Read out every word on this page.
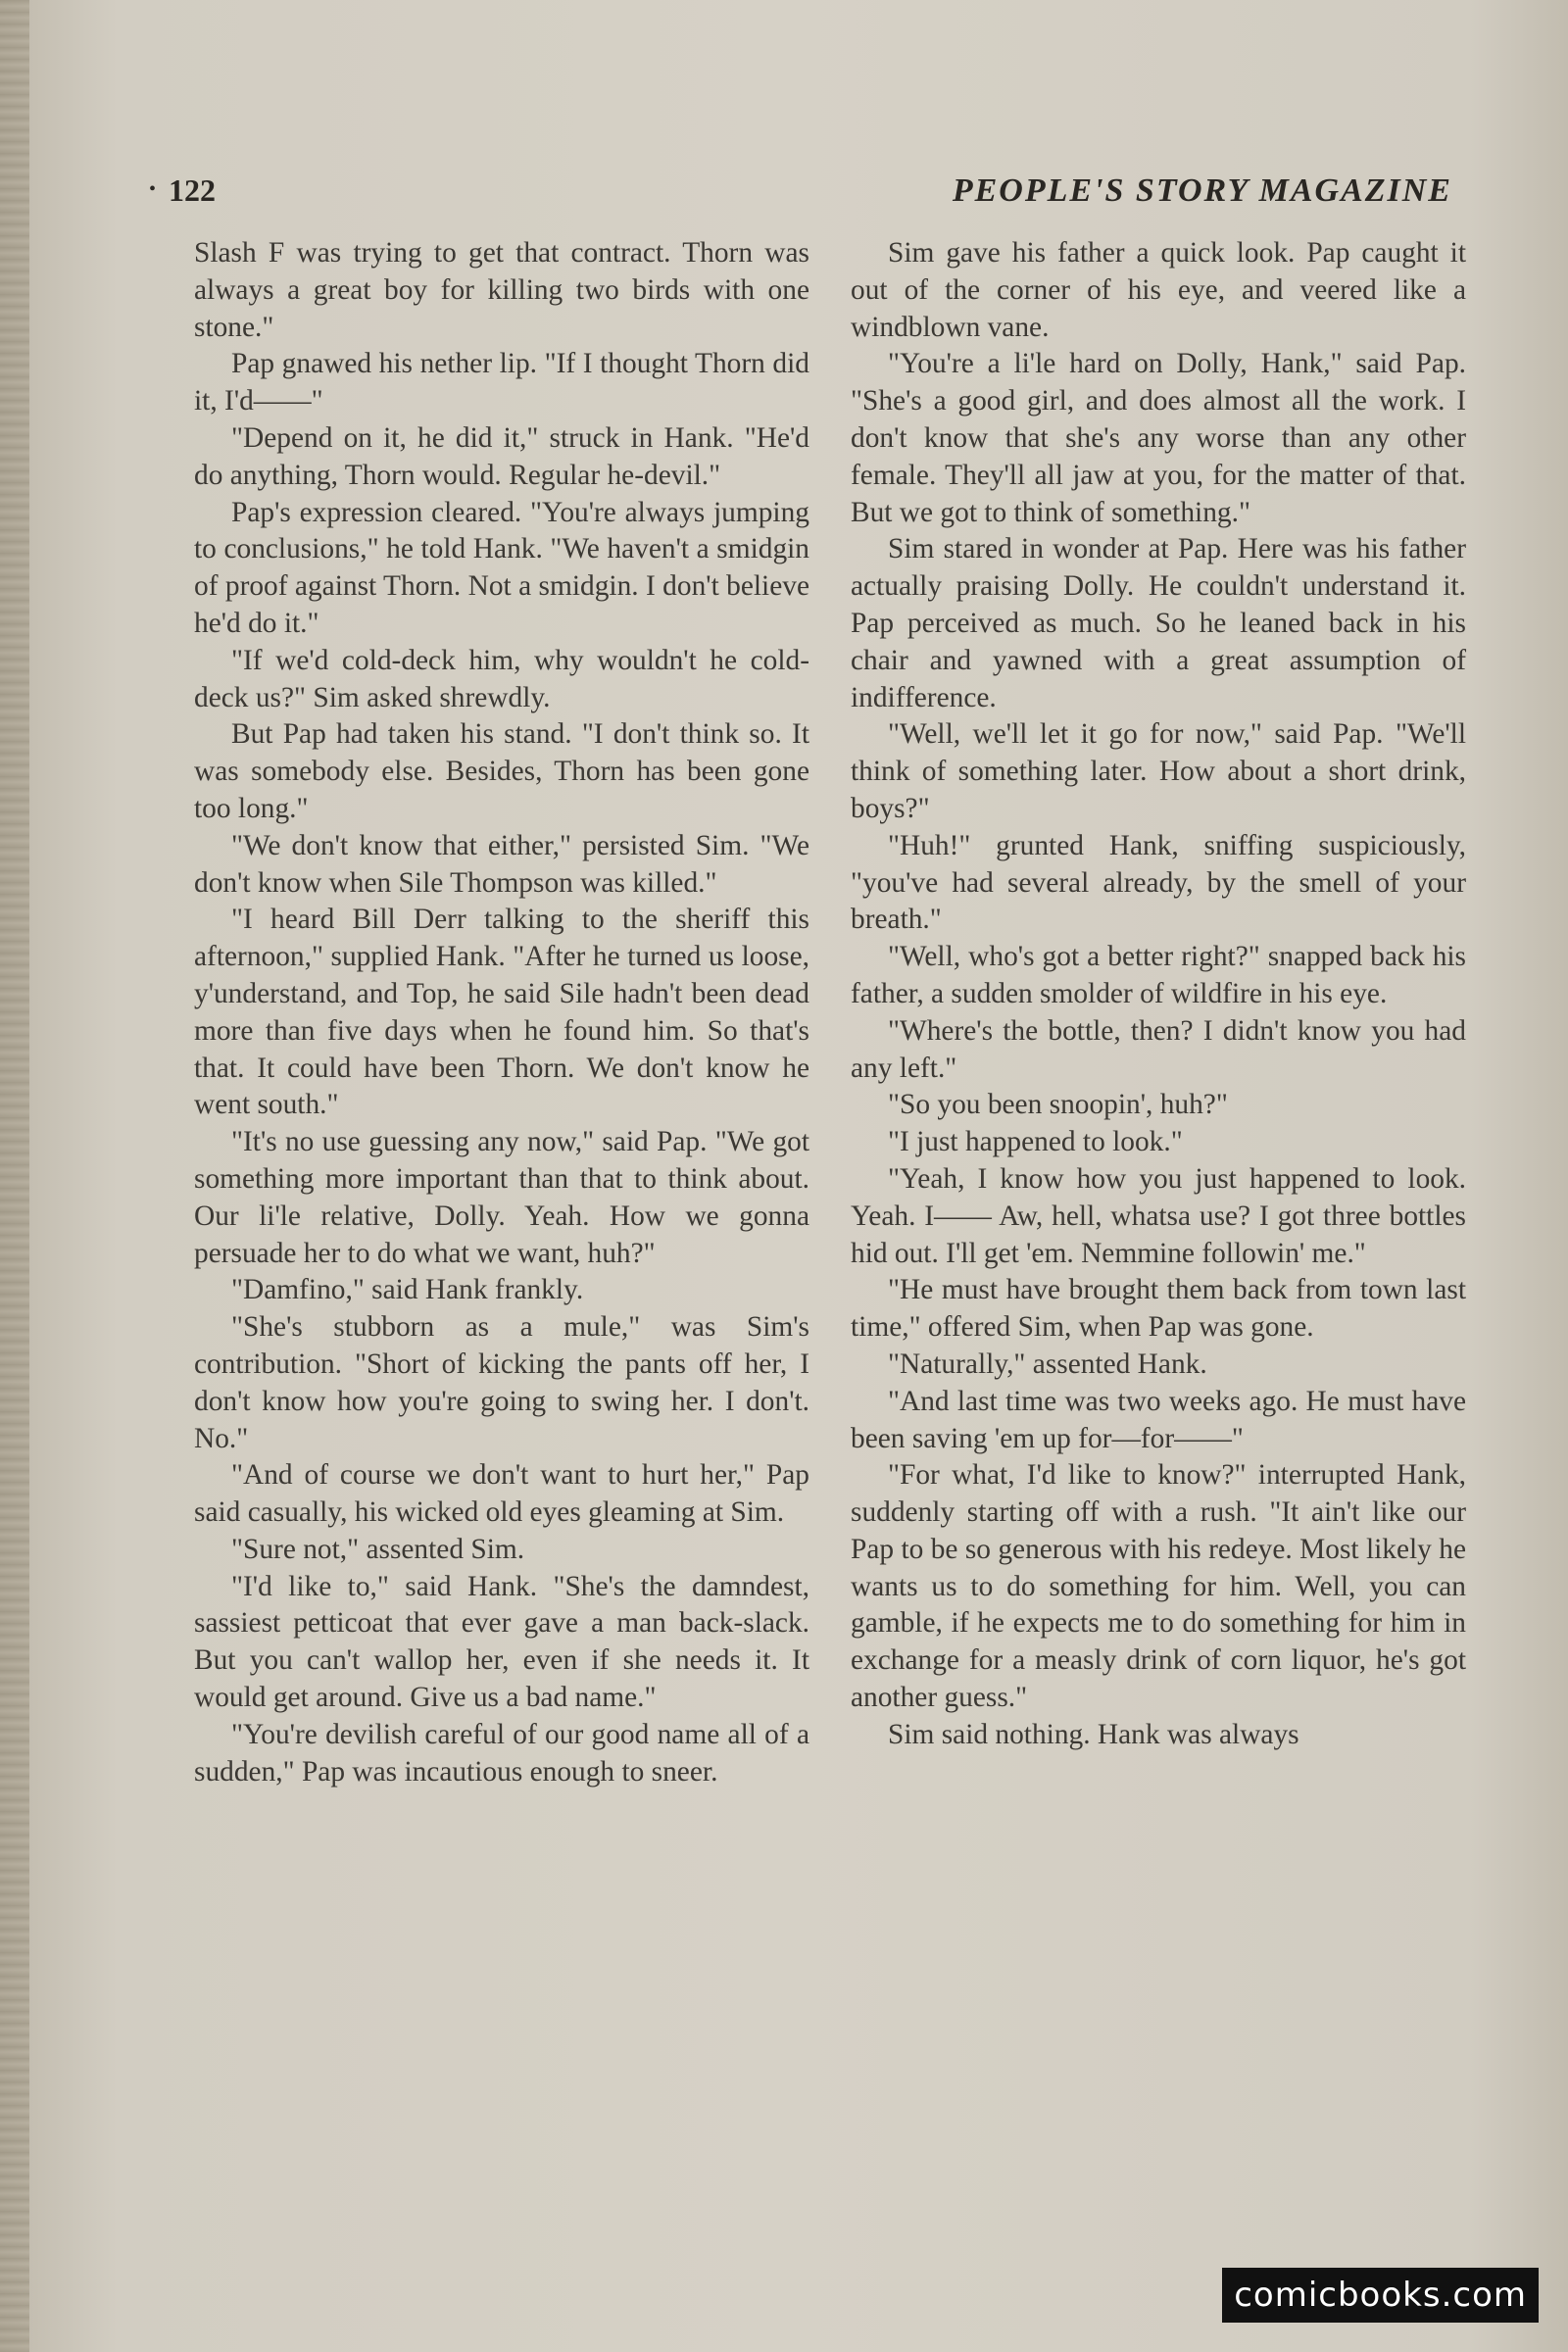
• 122	PEOPLE'S STORY MAGAZINE

Slash F was trying to get that contract. Thorn was always a great boy for killing two birds with one stone."

Pap gnawed his nether lip. "If I thought Thorn did it, I'd——"

"Depend on it, he did it," struck in Hank. "He'd do anything, Thorn would. Regular he-devil."

Pap's expression cleared. "You're always jumping to conclusions," he told Hank. "We haven't a smidgin of proof against Thorn. Not a smidgin. I don't believe he'd do it."

"If we'd cold-deck him, why wouldn't he cold-deck us?" Sim asked shrewdly.

But Pap had taken his stand. "I don't think so. It was somebody else. Besides, Thorn has been gone too long."

"We don't know that either," persisted Sim. "We don't know when Sile Thompson was killed."

"I heard Bill Derr talking to the sheriff this afternoon," supplied Hank. "After he turned us loose, y'understand, and Top, he said Sile hadn't been dead more than five days when he found him. So that's that. It could have been Thorn. We don't know he went south."

"It's no use guessing any now," said Pap. "We got something more important than that to think about. Our li'le relative, Dolly. Yeah. How we gonna persuade her to do what we want, huh?"

"Damfino," said Hank frankly.

"She's stubborn as a mule," was Sim's contribution. "Short of kicking the pants off her, I don't know how you're going to swing her. I don't. No."

"And of course we don't want to hurt her," Pap said casually, his wicked old eyes gleaming at Sim.

"Sure not," assented Sim.

"I'd like to," said Hank. "She's the damndest, sassiest petticoat that ever gave a man back-slack. But you can't wallop her, even if she needs it. It would get around. Give us a bad name."

"You're devilish careful of our good name all of a sudden," Pap was incautious enough to sneer.

Sim gave his father a quick look. Pap caught it out of the corner of his eye, and veered like a windblown vane.

"You're a li'le hard on Dolly, Hank," said Pap. "She's a good girl, and does almost all the work. I don't know that she's any worse than any other female. They'll all jaw at you, for the matter of that. But we got to think of something."

Sim stared in wonder at Pap. Here was his father actually praising Dolly. He couldn't understand it. Pap perceived as much. So he leaned back in his chair and yawned with a great assumption of indifference.

"Well, we'll let it go for now," said Pap. "We'll think of something later. How about a short drink, boys?"

"Huh!" grunted Hank, sniffing suspiciously, "you've had several already, by the smell of your breath."

"Well, who's got a better right?" snapped back his father, a sudden smolder of wildfire in his eye.

"Where's the bottle, then? I didn't know you had any left."

"So you been snoopin', huh?"

"I just happened to look."

"Yeah, I know how you just happened to look. Yeah. I—— Aw, hell, whatsa use? I got three bottles hid out. I'll get 'em. Nemmine followin' me."

"He must have brought them back from town last time," offered Sim, when Pap was gone.

"Naturally," assented Hank.

"And last time was two weeks ago. He must have been saving 'em up for—for——"

"For what, I'd like to know?" interrupted Hank, suddenly starting off with a rush. "It ain't like our Pap to be so generous with his redeye. Most likely he wants us to do something for him. Well, you can gamble, if he expects me to do something for him in exchange for a measly drink of corn liquor, he's got another guess."

Sim said nothing. Hank was always

comicbooks.com
